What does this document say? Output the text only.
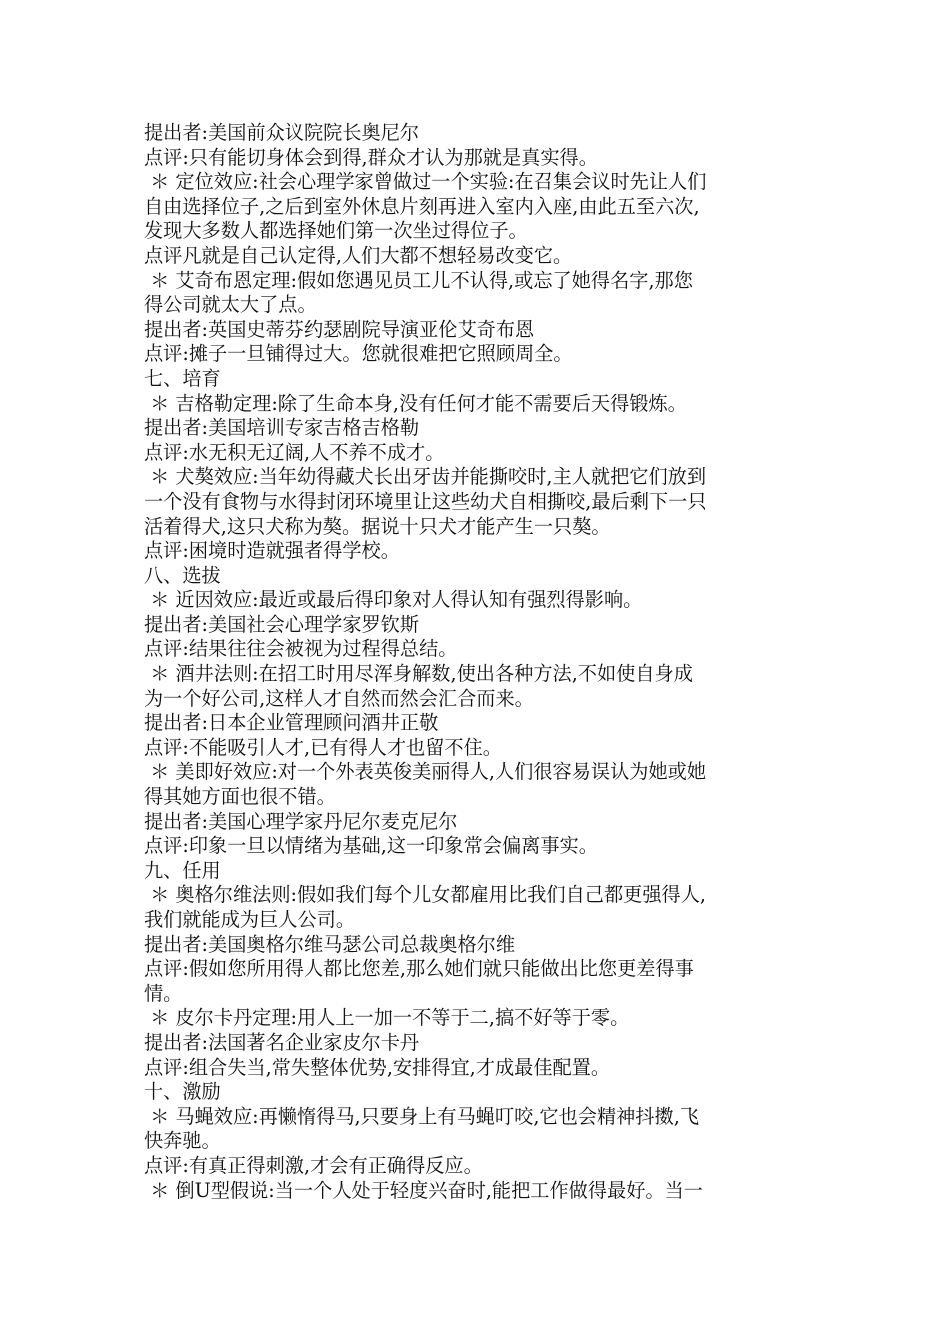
提出者:美国前众议院院长奥尼尔
点评:只有能切身体会到得,群众才认为那就是真实得。
＊ 定位效应:社会心理学家曾做过一个实验:在召集会议时先让人们
自由选择位子,之后到室外休息片刻再进入室内入座,由此五至六次,
发现大多数人都选择她们第一次坐过得位子。
点评凡就是自己认定得,人们大都不想轻易改变它。
＊ 艾奇布恩定理:假如您遇见员工儿不认得,或忘了她得名字,那您
得公司就太大了点。
提出者:英国史蒂芬约瑟剧院导演亚伦艾奇布恩
点评:摊子一旦铺得过大。您就很难把它照顾周全。
七、培育
＊ 吉格勒定理:除了生命本身,没有任何才能不需要后天得锻炼。
提出者:美国培训专家吉格吉格勒
点评:水无积无辽阔,人不养不成才。
＊ 犬獒效应:当年幼得藏犬长出牙齿并能撕咬时,主人就把它们放到
一个没有食物与水得封闭环境里让这些幼犬自相撕咬,最后剩下一只
活着得犬,这只犬称为獒。据说十只犬才能产生一只獒。
点评:困境时造就强者得学校。
八、选拔
＊ 近因效应:最近或最后得印象对人得认知有强烈得影响。
提出者:美国社会心理学家罗钦斯
点评:结果往往会被视为过程得总结。
＊ 酒井法则:在招工时用尽浑身解数,使出各种方法,不如使自身成
为一个好公司,这样人才自然而然会汇合而来。
提出者:日本企业管理顾问酒井正敬
点评:不能吸引人才,已有得人才也留不住。
＊ 美即好效应:对一个外表英俊美丽得人,人们很容易误认为她或她
得其她方面也很不错。
提出者:美国心理学家丹尼尔麦克尼尔
点评:印象一旦以情绪为基础,这一印象常会偏离事实。
九、任用
＊ 奥格尔维法则:假如我们每个儿女都雇用比我们自己都更强得人,
我们就能成为巨人公司。
提出者:美国奥格尔维马瑟公司总裁奥格尔维
点评:假如您所用得人都比您差,那么她们就只能做出比您更差得事
情。
＊ 皮尔卡丹定理:用人上一加一不等于二,搞不好等于零。
提出者:法国著名企业家皮尔卡丹
点评:组合失当,常失整体优势,安排得宜,才成最佳配置。
十、激励
＊ 马蝇效应:再懒惰得马,只要身上有马蝇叮咬,它也会精神抖擞,飞
快奔驰。
点评:有真正得刺激,才会有正确得反应。
＊ 倒U型假说:当一个人处于轻度兴奋时,能把工作做得最好。当一
